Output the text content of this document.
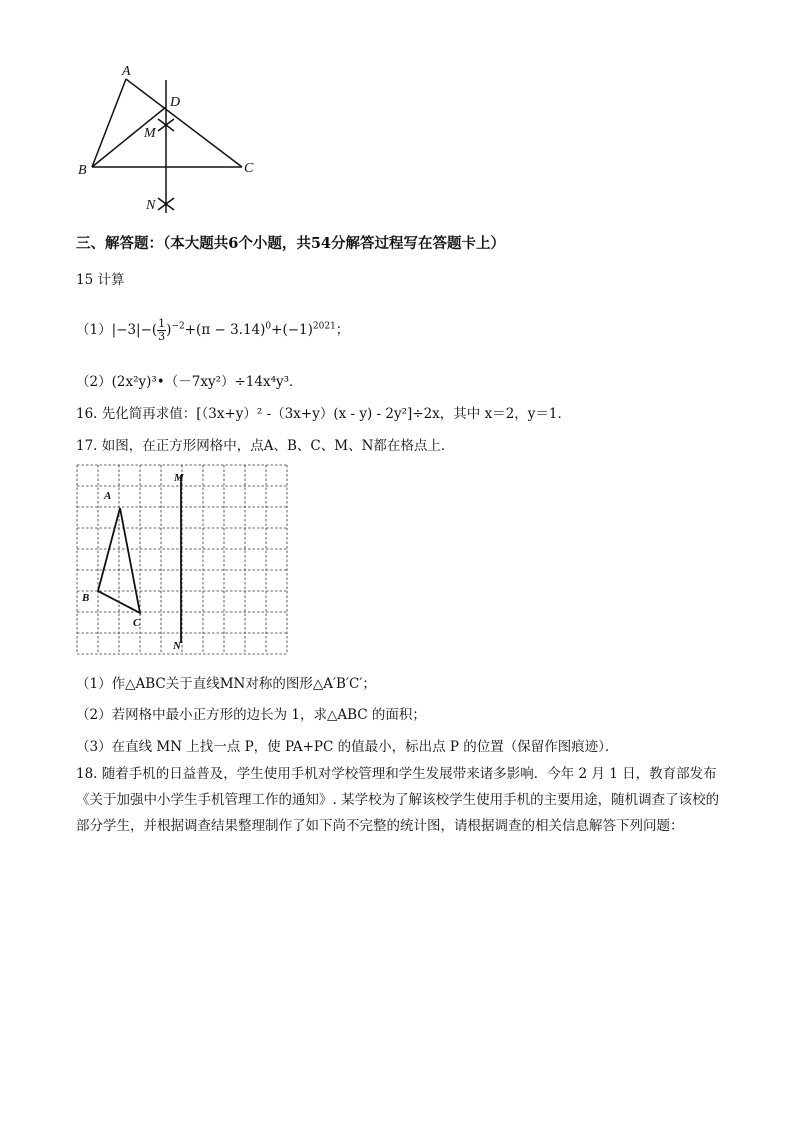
A
B	C
D
M
N
三、解答题：（本大题共6个小题，共54分解答过程写在答题卡上）
15 计算
$(1)|-3|-( \frac{1}{3} )^{-2}+(\pi - 3.14)^0+(-1)^{2021}$；
（2）(2x²y)³•（－7xy²）÷14x⁴y³．
16. 先化简再求值：[（3x+y）² -（3x+y）(x - y) - 2y²]÷2x，其中 x＝2，y＝1．
17. 如图，在正方形网格中，点A、B、C、M、N都在格点上．
A
B
C
M
N
（1）作△ABC关于直线MN对称的图形△A′B′C′；
（2）若网格中最小正方形的边长为 1，求△ABC 的面积；
（3）在直线 MN 上找一点 P，使 PA+PC 的值最小，标出点 P 的位置（保留作图痕迹）．
18. 随着手机的日益普及，学生使用手机对学校管理和学生发展带来诸多影响．今年 2 月 1 日，教育部发布《关于加强中小学生手机管理工作的通知》. 某学校为了解该校学生使用手机的主要用途，随机调查了该校的部分学生，并根据调查结果整理制作了如下尚不完整的统计图，请根据调查的相关信息解答下列问题：
